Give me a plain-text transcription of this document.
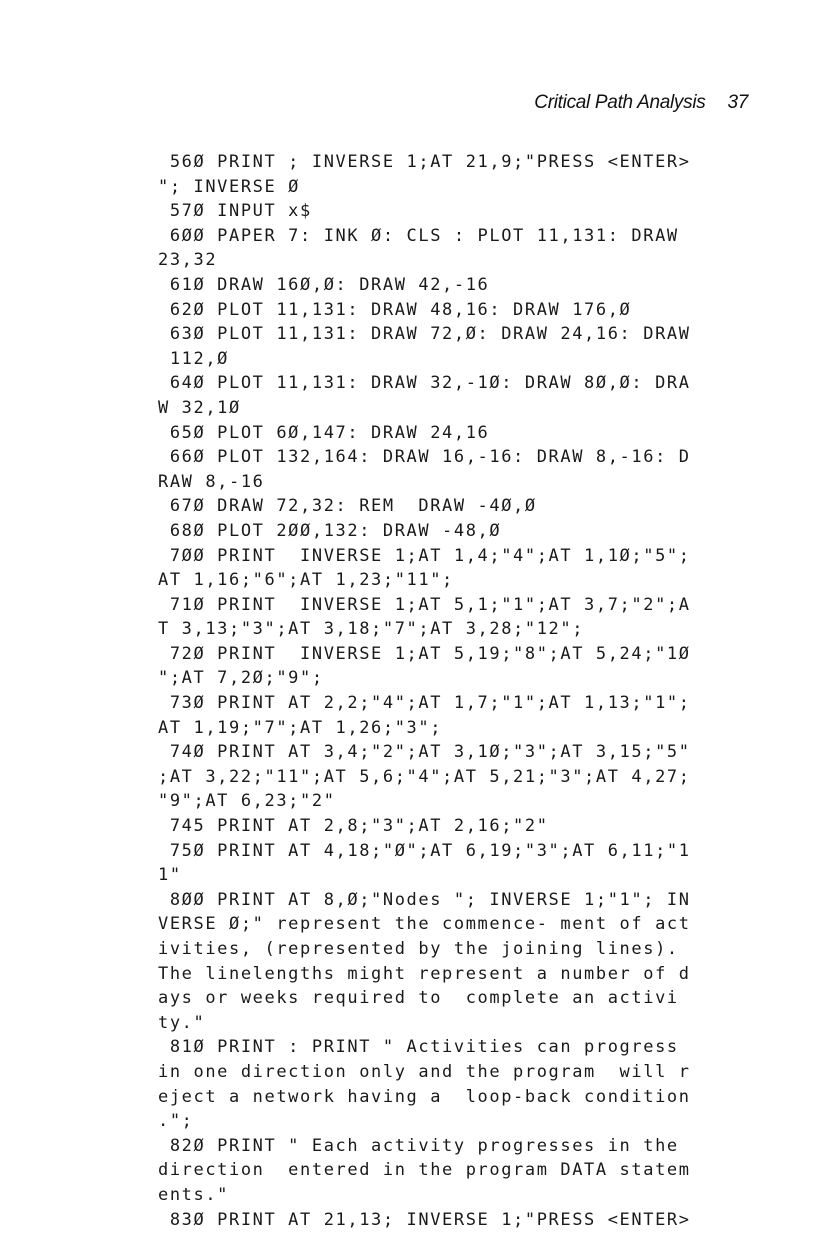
Critical Path Analysis 37
56Ø PRINT ; INVERSE 1;AT 21,9;"PRESS <ENTER>
"; INVERSE Ø
57Ø INPUT x$
6ØØ PAPER 7: INK Ø: CLS : PLOT 11,131: DRAW
23,32
61Ø DRAW 16Ø,Ø: DRAW 42,-16
62Ø PLOT 11,131: DRAW 48,16: DRAW 176,Ø
63Ø PLOT 11,131: DRAW 72,Ø: DRAW 24,16: DRAW
112,Ø
64Ø PLOT 11,131: DRAW 32,-1Ø: DRAW 8Ø,Ø: DRA
W 32,1Ø
65Ø PLOT 6Ø,147: DRAW 24,16
66Ø PLOT 132,164: DRAW 16,-16: DRAW 8,-16: D
RAW 8,-16
67Ø DRAW 72,32: REM  DRAW -4Ø,Ø
68Ø PLOT 2ØØ,132: DRAW -48,Ø
7ØØ PRINT  INVERSE 1;AT 1,4;"4";AT 1,1Ø;"5";
AT 1,16;"6";AT 1,23;"11";
71Ø PRINT  INVERSE 1;AT 5,1;"1";AT 3,7;"2";A
T 3,13;"3";AT 3,18;"7";AT 3,28;"12";
72Ø PRINT  INVERSE 1;AT 5,19;"8";AT 5,24;"1Ø
";AT 7,2Ø;"9";
73Ø PRINT AT 2,2;"4";AT 1,7;"1";AT 1,13;"1";
AT 1,19;"7";AT 1,26;"3";
74Ø PRINT AT 3,4;"2";AT 3,1Ø;"3";AT 3,15;"5"
;AT 3,22;"11";AT 5,6;"4";AT 5,21;"3";AT 4,27;
"9";AT 6,23;"2"
745 PRINT AT 2,8;"3";AT 2,16;"2"
75Ø PRINT AT 4,18;"Ø";AT 6,19;"3";AT 6,11;"1
1"
8ØØ PRINT AT 8,Ø;"Nodes "; INVERSE 1;"1"; IN
VERSE Ø;" represent the commence- ment of act
ivities, (represented by the joining lines).
The linelengths might represent a number of d
ays or weeks required to  complete an activi
ty."
81Ø PRINT : PRINT " Activities can progress
in one direction only and the program  will r
eject a network having a  loop-back condition
.";
82Ø PRINT " Each activity progresses in the
direction  entered in the program DATA statem
ents."
83Ø PRINT AT 21,13; INVERSE 1;"PRESS <ENTER>
